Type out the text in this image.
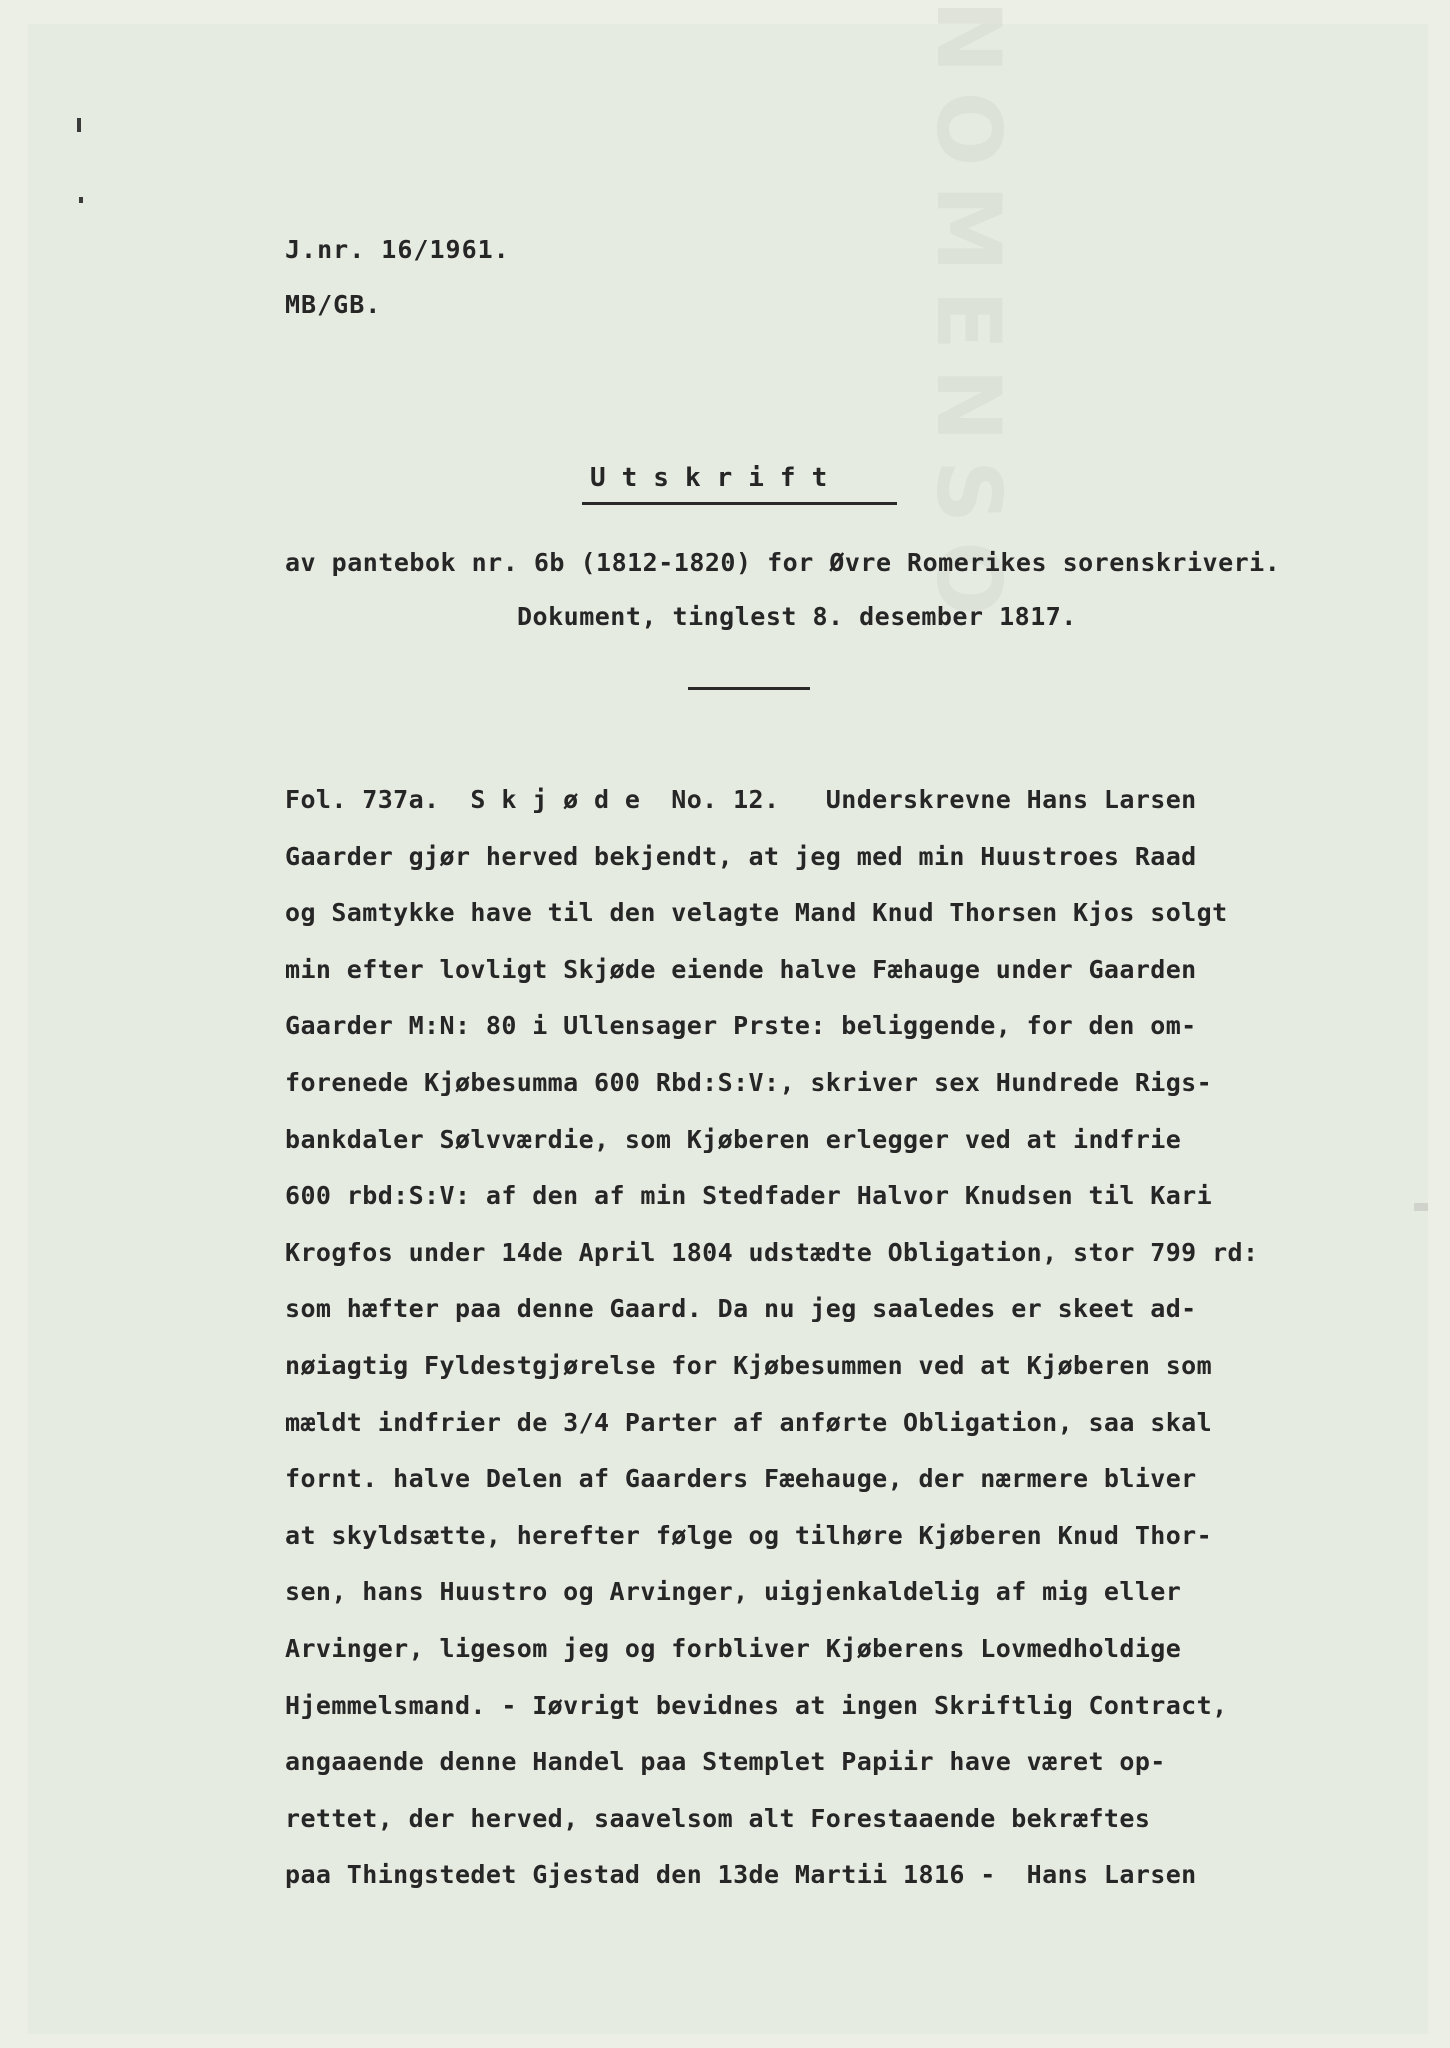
NOMENSO
J.nr. 16/1961.
MB/GB.
Utskrift
av pantebok nr. 6b (1812-1820) for Øvre Romerikes sorenskriveri.
Dokument, tinglest 8. desember 1817.
Fol. 737a.  S k j ø d e  No. 12.   Underskrevne Hans Larsen
Gaarder gjør herved bekjendt, at jeg med min Huustroes Raad
og Samtykke have til den velagte Mand Knud Thorsen Kjos solgt
min efter lovligt Skjøde eiende halve Fæhauge under Gaarden
Gaarder M:N: 80 i Ullensager Prste: beliggende, for den om-
forenede Kjøbesumma 600 Rbd:S:V:, skriver sex Hundrede Rigs-
bankdaler Sølvværdie, som Kjøberen erlegger ved at indfrie
600 rbd:S:V: af den af min Stedfader Halvor Knudsen til Kari
Krogfos under 14de April 1804 udstædte Obligation, stor 799 rd:
som hæfter paa denne Gaard. Da nu jeg saaledes er skeet ad-
nøiagtig Fyldestgjørelse for Kjøbesummen ved at Kjøberen som
mældt indfrier de 3/4 Parter af anførte Obligation, saa skal
fornt. halve Delen af Gaarders Fæehauge, der nærmere bliver
at skyldsætte, herefter følge og tilhøre Kjøberen Knud Thor-
sen, hans Huustro og Arvinger, uigjenkaldelig af mig eller
Arvinger, ligesom jeg og forbliver Kjøberens Lovmedholdige
Hjemmelsmand. - Iøvrigt bevidnes at ingen Skriftlig Contract,
angaaende denne Handel paa Stemplet Papiir have været op-
rettet, der herved, saavelsom alt Forestaaende bekræftes
paa Thingstedet Gjestad den 13de Martii 1816 -  Hans Larsen
